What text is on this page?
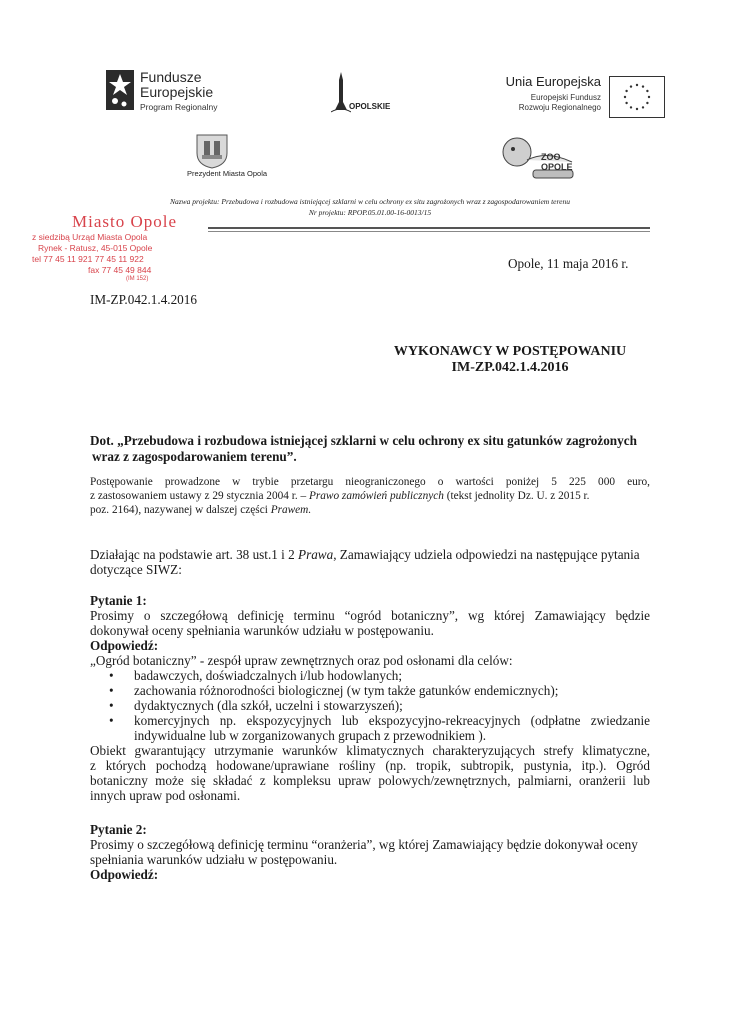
Fundusze
Europejskie
Program Regionalny	OPOLSKIE
Unia Europejska
Europejski Fundusz
Rozwoju Regionalnego
Prezydent Miasta Opola
ZOO OPOLE
Nazwa projektu: Przebudowa i rozbudowa istniejącej szklarni w celu ochrony ex situ zagrożonych wraz z zagospodarowaniem terenu
Nr projektu: RPOP.05.01.00-16-0013/15
Miasto Opole
z siedzibą Urząd Miasta Opola
Rynek - Ratusz, 45-015 Opole
tel 77 45 11 921 77 45 11 922
fax 77 45 49 844
(IM 152)
Opole, 11 maja 2016 r.
IM-ZP.042.1.4.2016
WYKONAWCY W POSTĘPOWANIU
IM-ZP.042.1.4.2016
Dot. „Przebudowa i rozbudowa istniejącej szklarni w celu ochrony ex situ gatunków zagrożonych
wraz z zagospodarowaniem terenu”.
Postępowanie prowadzone w trybie przetargu nieograniczonego o wartości poniżej 5 225 000 euro,
z zastosowaniem ustawy z 29 stycznia 2004 r. – Prawo zamówień publicznych (tekst jednolity Dz. U. z 2015 r.
poz. 2164), nazywanej w dalszej części Prawem.
Działając na podstawie art. 38 ust.1 i 2 Prawa, Zamawiający udziela odpowiedzi na następujące pytania
dotyczące SIWZ:
Pytanie 1:
Prosimy o szczegółową definicję terminu “ogród botaniczny”, wg której Zamawiający będzie
dokonywał oceny spełniania warunków udziału w postępowaniu.
Odpowiedź:
„Ogród botaniczny” - zespół upraw zewnętrznych oraz pod osłonami dla celów:
• badawczych, doświadczalnych i/lub hodowlanych;
• zachowania różnorodności biologicznej (w tym także gatunków endemicznych);
• dydaktycznych (dla szkół, uczelni i stowarzyszeń);
• komercyjnych np. ekspozycyjnych lub ekspozycyjno-rekreacyjnych (odpłatne zwiedzanie
indywidualne lub w zorganizowanych grupach z przewodnikiem ).
Obiekt gwarantujący utrzymanie warunków klimatycznych charakteryzujących strefy klimatyczne,
z których pochodzą hodowane/uprawiane rośliny (np. tropik, subtropik, pustynia, itp.). Ogród
botaniczny może się składać z kompleksu upraw polowych/zewnętrznych, palmiarni, oranżerii lub
innych upraw pod osłonami.
Pytanie 2:
Prosimy o szczegółową definicję terminu “oranżeria”, wg której Zamawiający będzie dokonywał oceny
spełniania warunków udziału w postępowaniu.
Odpowiedź:
